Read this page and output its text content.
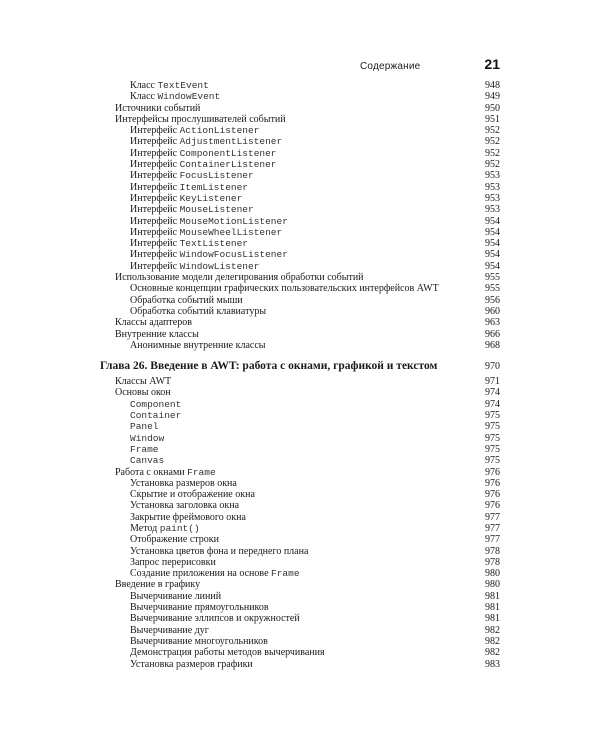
Содержание	21
Класс TextEvent	948
Класс WindowEvent	949
Источники событий	950
Интерфейсы прослушивателей событий	951
Интерфейс ActionListener	952
Интерфейс AdjustmentListener	952
Интерфейс ComponentListener	952
Интерфейс ContainerListener	952
Интерфейс FocusListener	953
Интерфейс ItemListener	953
Интерфейс KeyListener	953
Интерфейс MouseListener	953
Интерфейс MouseMotionListener	954
Интерфейс MouseWheelListener	954
Интерфейс TextListener	954
Интерфейс WindowFocusListener	954
Интерфейс WindowListener	954
Использование модели делегирования обработки событий	955
Основные концепции графических пользовательских интерфейсов AWT	955
Обработка событий мыши	956
Обработка событий клавиатуры	960
Классы адаптеров	963
Внутренние классы	966
Анонимные внутренние классы	968
Глава 26. Введение в AWT: работа с окнами, графикой и текстом	970
Классы AWT	971
Основы окон	974
Component	974
Container	975
Panel	975
Window	975
Frame	975
Canvas	975
Работа с окнами Frame	976
Установка размеров окна	976
Скрытие и отображение окна	976
Установка заголовка окна	976
Закрытие фреймового окна	977
Метод paint()	977
Отображение строки	977
Установка цветов фона и переднего плана	978
Запрос перерисовки	978
Создание приложения на основе Frame	980
Введение в графику	980
Вычерчивание линий	981
Вычерчивание прямоугольников	981
Вычерчивание эллипсов и окружностей	981
Вычерчивание дуг	982
Вычерчивание многоугольников	982
Демонстрация работы методов вычерчивания	982
Установка размеров графики	983
